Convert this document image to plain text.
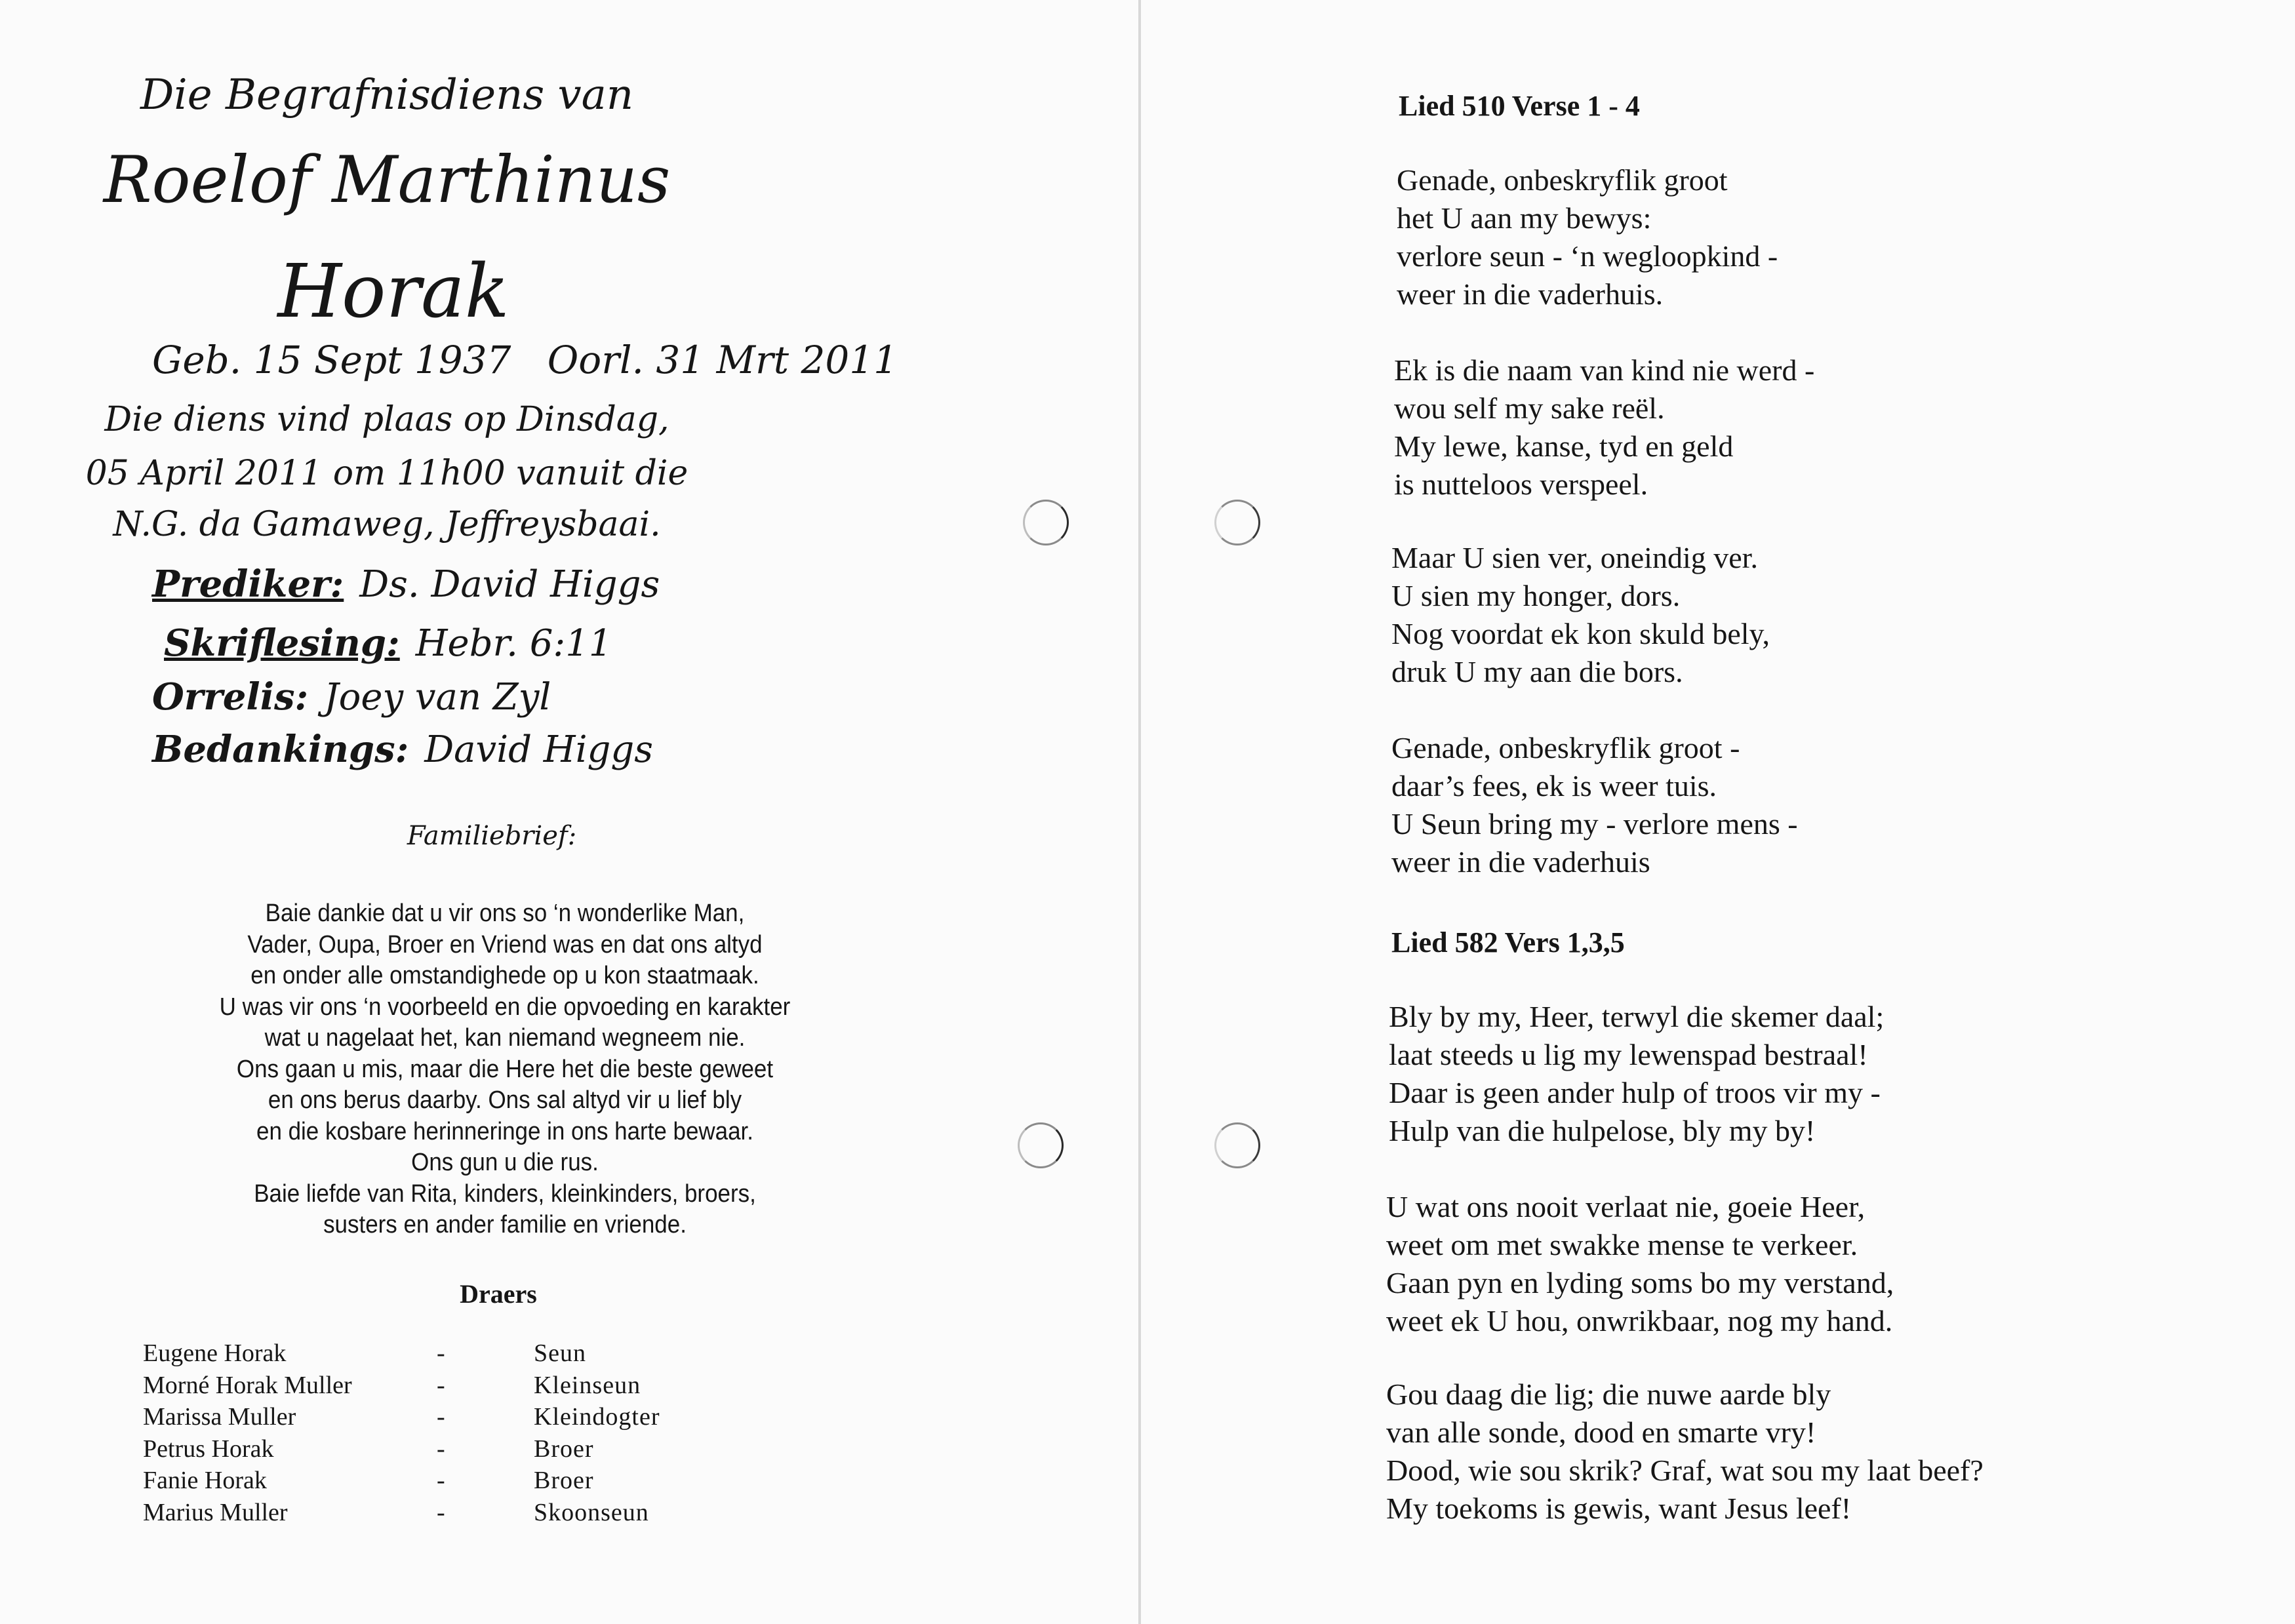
Die Begrafnisdiens van
Roelof Marthinus
Horak
Geb. 15 Sept 1937 Oorl. 31 Mrt 2011
Die diens vind plaas op Dinsdag,
05 April 2011 om 11h00 vanuit die
N.G. da Gamaweg, Jeffreysbaai.
Prediker: Ds. David Higgs
Skriflesing: Hebr. 6:11
Orrelis: Joey van Zyl
Bedankings: David Higgs
Familiebrief:
Baie dankie dat u vir ons so ‘n wonderlike Man,
Vader, Oupa, Broer en Vriend was en dat ons altyd
en onder alle omstandighede op u kon staatmaak.
U was vir ons ‘n voorbeeld en die opvoeding en karakter
wat u nagelaat het, kan niemand wegneem nie.
Ons gaan u mis, maar die Here het die beste geweet
en ons berus daarby. Ons sal altyd vir u lief bly
en die kosbare herinneringe in ons harte bewaar.
Ons gun u die rus.
Baie liefde van Rita, kinders, kleinkinders, broers,
susters en ander familie en vriende.
Draers
Eugene Horak	-	Seun
Morné Horak Muller	-	Kleinseun
Marissa Muller	-	Kleindogter
Petrus Horak	-	Broer
Fanie Horak	-	Broer
Marius Muller	-	Skoonseun
Lied 510 Verse 1 - 4
Genade, onbeskryflik groot
het U aan my bewys:
verlore seun - ‘n wegloopkind -
weer in die vaderhuis.
Ek is die naam van kind nie werd -
wou self my sake reël.
My lewe, kanse, tyd en geld
is nutteloos verspeel.
Maar U sien ver, oneindig ver.
U sien my honger, dors.
Nog voordat ek kon skuld bely,
druk U my aan die bors.
Genade, onbeskryflik groot -
daar’s fees, ek is weer tuis.
U Seun bring my - verlore mens -
weer in die vaderhuis
Lied 582 Vers 1,3,5
Bly by my, Heer, terwyl die skemer daal;
laat steeds u lig my lewenspad bestraal!
Daar is geen ander hulp of troos vir my -
Hulp van die hulpelose, bly my by!
U wat ons nooit verlaat nie, goeie Heer,
weet om met swakke mense te verkeer.
Gaan pyn en lyding soms bo my verstand,
weet ek U hou, onwrikbaar, nog my hand.
Gou daag die lig; die nuwe aarde bly
van alle sonde, dood en smarte vry!
Dood, wie sou skrik? Graf, wat sou my laat beef?
My toekoms is gewis, want Jesus leef!
